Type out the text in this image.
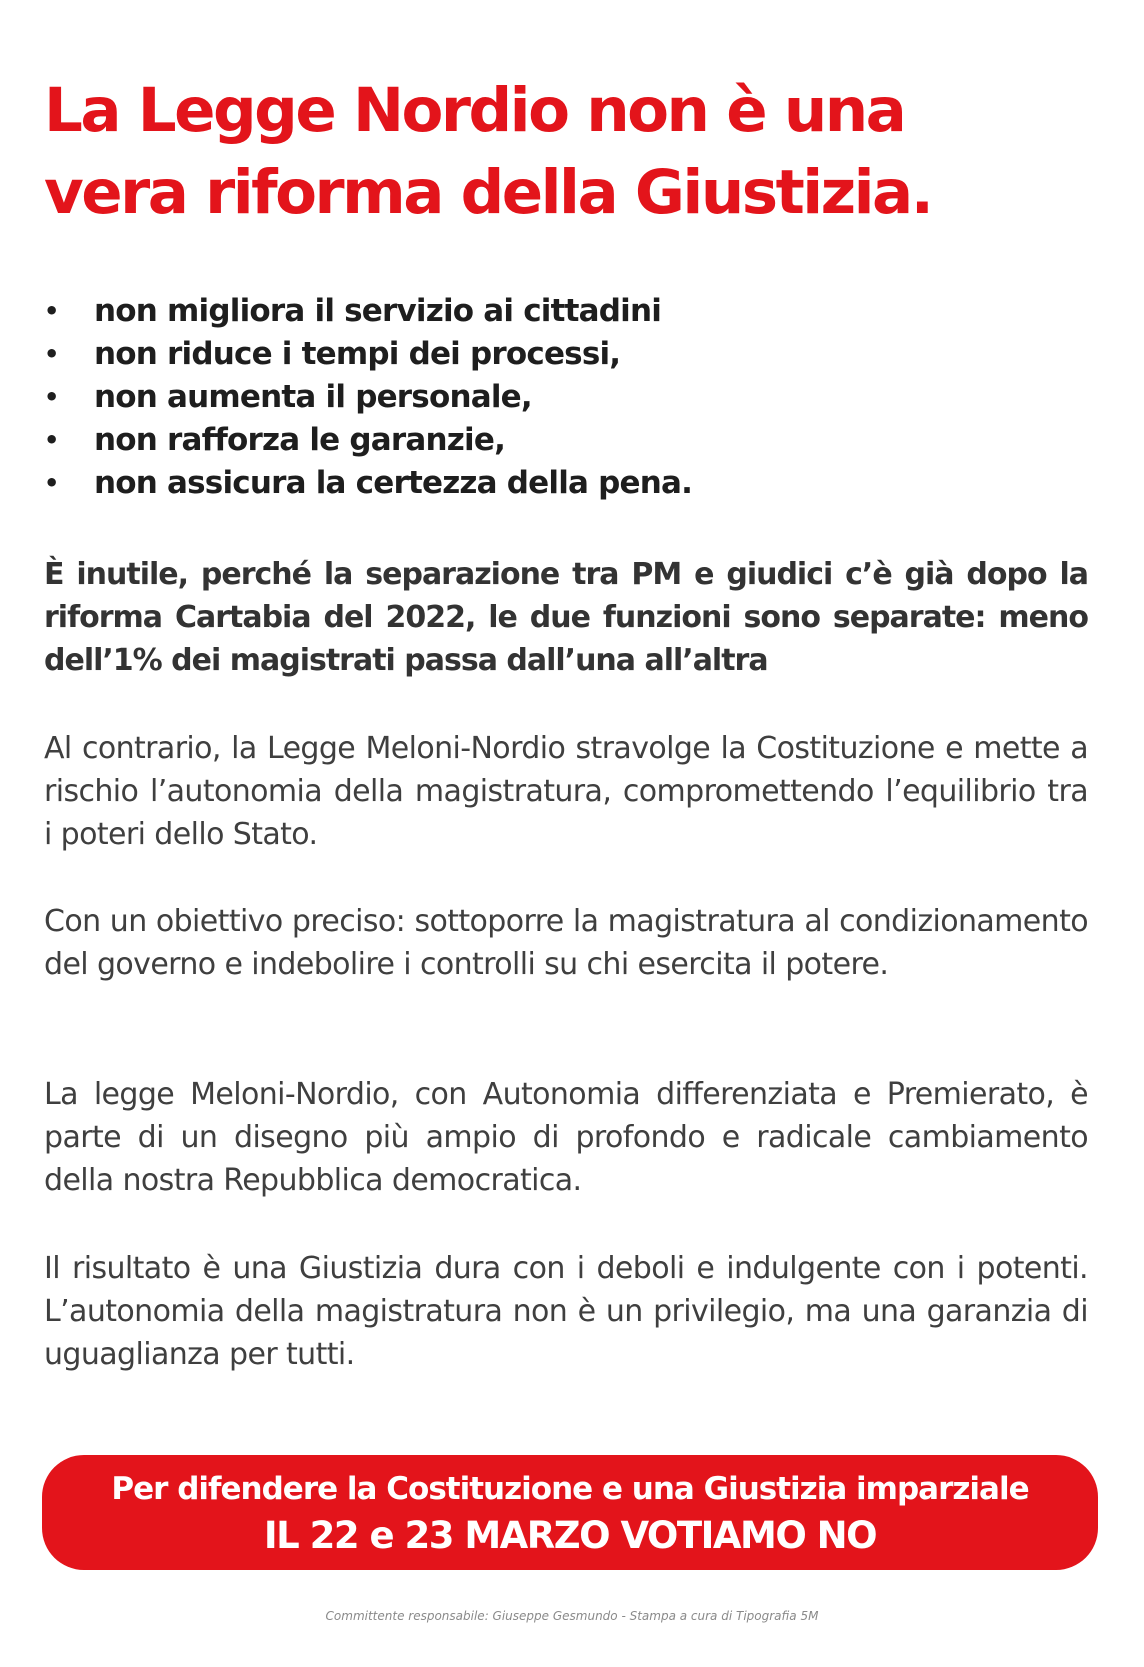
La Legge Nordio non è una
vera riforma della Giustizia.
• non migliora il servizio ai cittadini
• non riduce i tempi dei processi,
• non aumenta il personale,
• non rafforza le garanzie,
• non assicura la certezza della pena.

È inutile, perché la separazione tra PM e giudici c’è già dopo la riforma Cartabia del 2022, le due funzioni sono separate: meno dell’1% dei magistrati passa dall’una all’altra

Al contrario, la Legge Meloni-Nordio stravolge la Costituzione e mette a rischio l’autonomia della magistratura, compromettendo l’equilibrio tra i poteri dello Stato.

Con un obiettivo preciso: sottoporre la magistratura al condizionamento del governo e indebolire i controlli su chi esercita il potere.

La legge Meloni-Nordio, con Autonomia differenziata e Premierato, è parte di un disegno più ampio di profondo e radicale cambiamento della nostra Repubblica democratica.

Il risultato è una Giustizia dura con i deboli e indulgente con i potenti. L’autonomia della magistratura non è un privilegio, ma una garanzia di uguaglianza per tutti.

Per difendere la Costituzione e una Giustizia imparziale
IL 22 e 23 MARZO VOTIAMO NO
Committente responsabile: Giuseppe Gesmundo - Stampa a cura di Tipografia 5M
